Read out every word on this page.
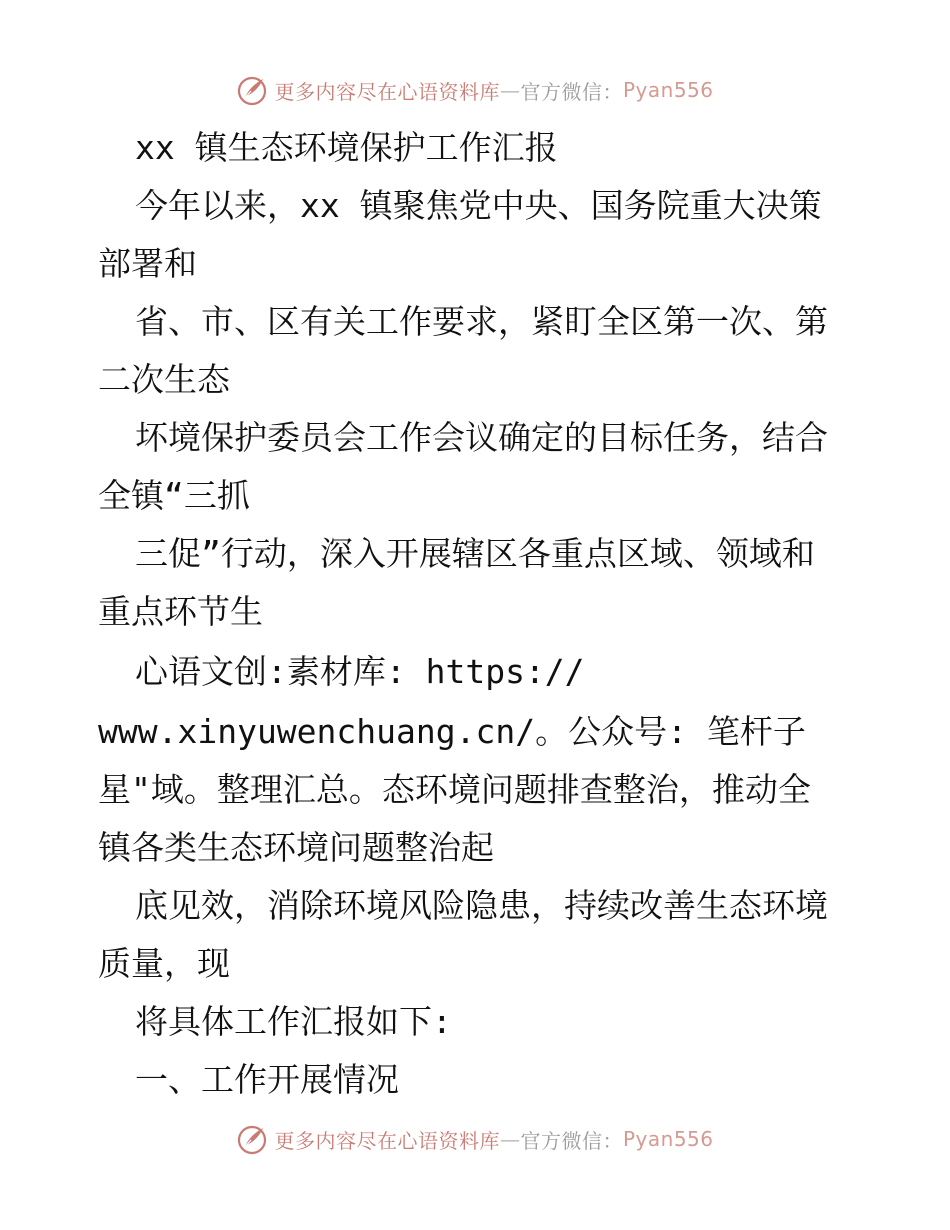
更多内容尽在心语资料库 — 官方微信： Pyan556
xx 镇生态环境保护工作汇报
今年以来，xx 镇聚焦党中央、国务院重大决策
部署和
省、市、区有关工作要求，紧盯全区第一次、第
二次生态
坏境保护委员会工作会议确定的目标任务，结合
全镇“三抓
三促”行动，深入开展辖区各重点区域、领域和
重点环节生
心语文创:素材库: https://
www.xinyuwenchuang.cn/。公众号: 笔杆子
星"域。整理汇总。态环境问题排查整治，推动全
镇各类生态环境问题整治起
底见效，消除环境风险隐患，持续改善生态环境
质量，现
将具体工作汇报如下:
一、工作开展情况
更多内容尽在心语资料库 — 官方微信： Pyan556
